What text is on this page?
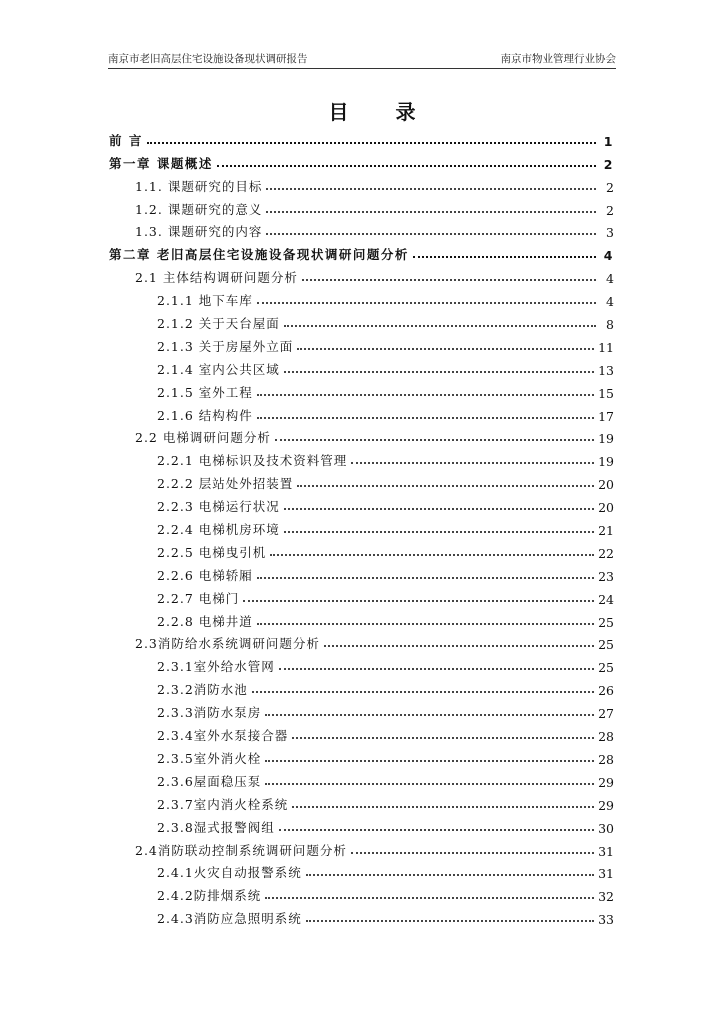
南京市老旧高层住宅设施设备现状调研报告	南京市物业管理行业协会
目 录
前 言	1
第一章 课题概述	2
1.1. 课题研究的目标	2
1.2. 课题研究的意义	2
1.3. 课题研究的内容	3
第二章 老旧高层住宅设施设备现状调研问题分析	4
2.1 主体结构调研问题分析	4
2.1.1 地下车库	4
2.1.2 关于天台屋面	8
2.1.3 关于房屋外立面	11
2.1.4 室内公共区域	13
2.1.5 室外工程	15
2.1.6 结构构件	17
2.2 电梯调研问题分析	19
2.2.1 电梯标识及技术资料管理	19
2.2.2 层站处外招装置	20
2.2.3 电梯运行状况	20
2.2.4 电梯机房环境	21
2.2.5 电梯曳引机	22
2.2.6 电梯轿厢	23
2.2.7 电梯门	24
2.2.8 电梯井道	25
2.3消防给水系统调研问题分析	25
2.3.1室外给水管网	25
2.3.2消防水池	26
2.3.3消防水泵房	27
2.3.4室外水泵接合器	28
2.3.5室外消火栓	28
2.3.6屋面稳压泵	29
2.3.7室内消火栓系统	29
2.3.8湿式报警阀组	30
2.4消防联动控制系统调研问题分析	31
2.4.1火灾自动报警系统	31
2.4.2防排烟系统	32
2.4.3消防应急照明系统	33
